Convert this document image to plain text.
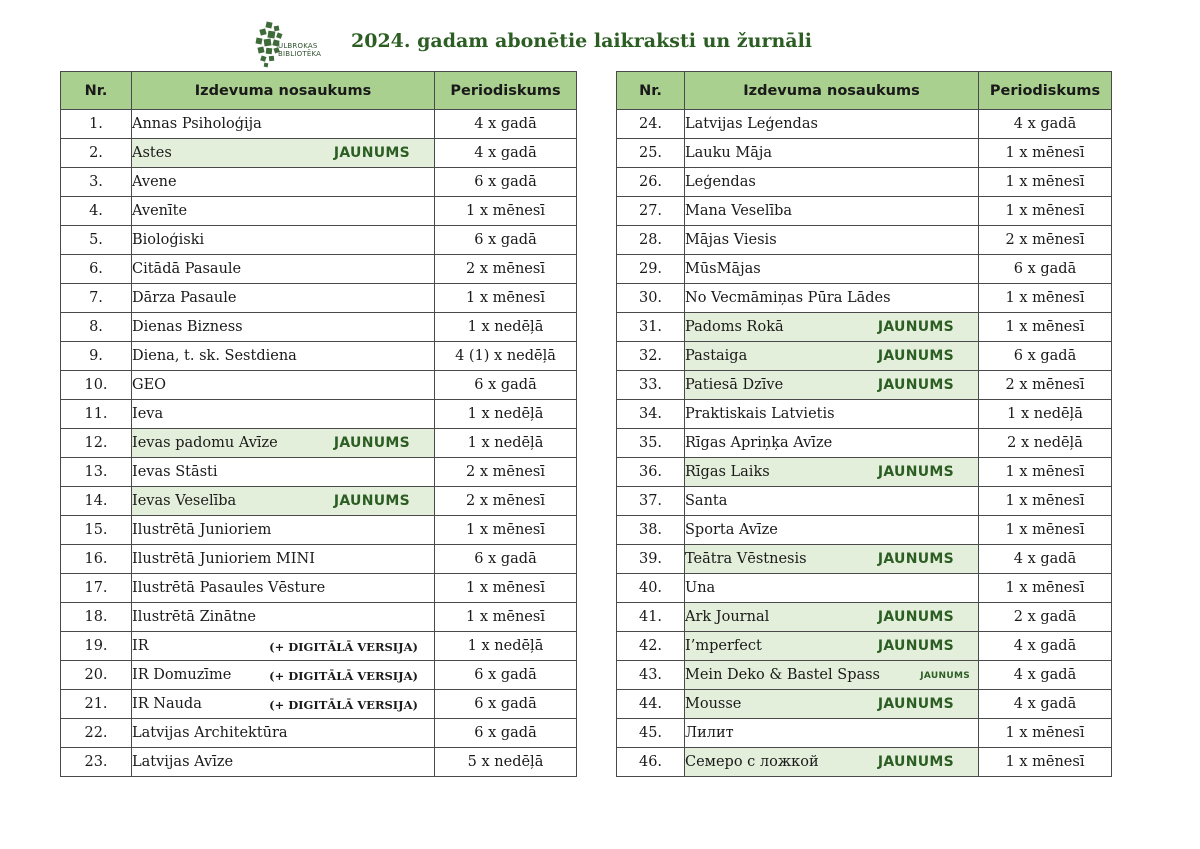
ULBROKAS
BIBLIOTĒKA
2024. gadam abonētie laikraksti un žurnāli
Nr.	Izdevuma nosaukums	Periodiskums
1.	Annas Psiholoģija	4 x gadā
2.	Astes JAUNUMS	4 x gadā
3.	Avene	6 x gadā
4.	Avenīte	1 x mēnesī
5.	Bioloģiski	6 x gadā
6.	Citādā Pasaule	2 x mēnesī
7.	Dārza Pasaule	1 x mēnesī
8.	Dienas Bizness	1 x nedēļā
9.	Diena, t. sk. Sestdiena	4 (1) x nedēļā
10.	GEO	6 x gadā
11.	Ieva	1 x nedēļā
12.	Ievas padomu Avīze JAUNUMS	1 x nedēļā
13.	Ievas Stāsti	2 x mēnesī
14.	Ievas Veselība JAUNUMS	2 x mēnesī
15.	Ilustrētā Junioriem	1 x mēnesī
16.	Ilustrētā Junioriem MINI	6 x gadā
17.	Ilustrētā Pasaules Vēsture	1 x mēnesī
18.	Ilustrētā Zinātne	1 x mēnesī
19.	IR (+ DIGITĀLĀ VERSIJA)	1 x nedēļā
20.	IR Domuzīme (+ DIGITĀLĀ VERSIJA)	6 x gadā
21.	IR Nauda (+ DIGITĀLĀ VERSIJA)	6 x gadā
22.	Latvijas Architektūra	6 x gadā
23.	Latvijas Avīze	5 x nedēļā
Nr.	Izdevuma nosaukums	Periodiskums
24.	Latvijas Leģendas	4 x gadā
25.	Lauku Māja	1 x mēnesī
26.	Leģendas	1 x mēnesī
27.	Mana Veselība	1 x mēnesī
28.	Mājas Viesis	2 x mēnesī
29.	MūsMājas	6 x gadā
30.	No Vecmāmiņas Pūra Lādes	1 x mēnesī
31.	Padoms Rokā JAUNUMS	1 x mēnesī
32.	Pastaiga JAUNUMS	6 x gadā
33.	Patiesā Dzīve JAUNUMS	2 x mēnesī
34.	Praktiskais Latvietis	1 x nedēļā
35.	Rīgas Apriņķa Avīze	2 x nedēļā
36.	Rīgas Laiks JAUNUMS	1 x mēnesī
37.	Santa	1 x mēnesī
38.	Sporta Avīze	1 x mēnesī
39.	Teātra Vēstnesis JAUNUMS	4 x gadā
40.	Una	1 x mēnesī
41.	Ark Journal JAUNUMS	2 x gadā
42.	I’mperfect JAUNUMS	4 x gadā
43.	Mein Deko & Bastel Spass JAUNUMS	4 x gadā
44.	Mousse JAUNUMS	4 x gadā
45.	Лилит	1 x mēnesī
46.	Семеро с ложкой JAUNUMS	1 x mēnesī
